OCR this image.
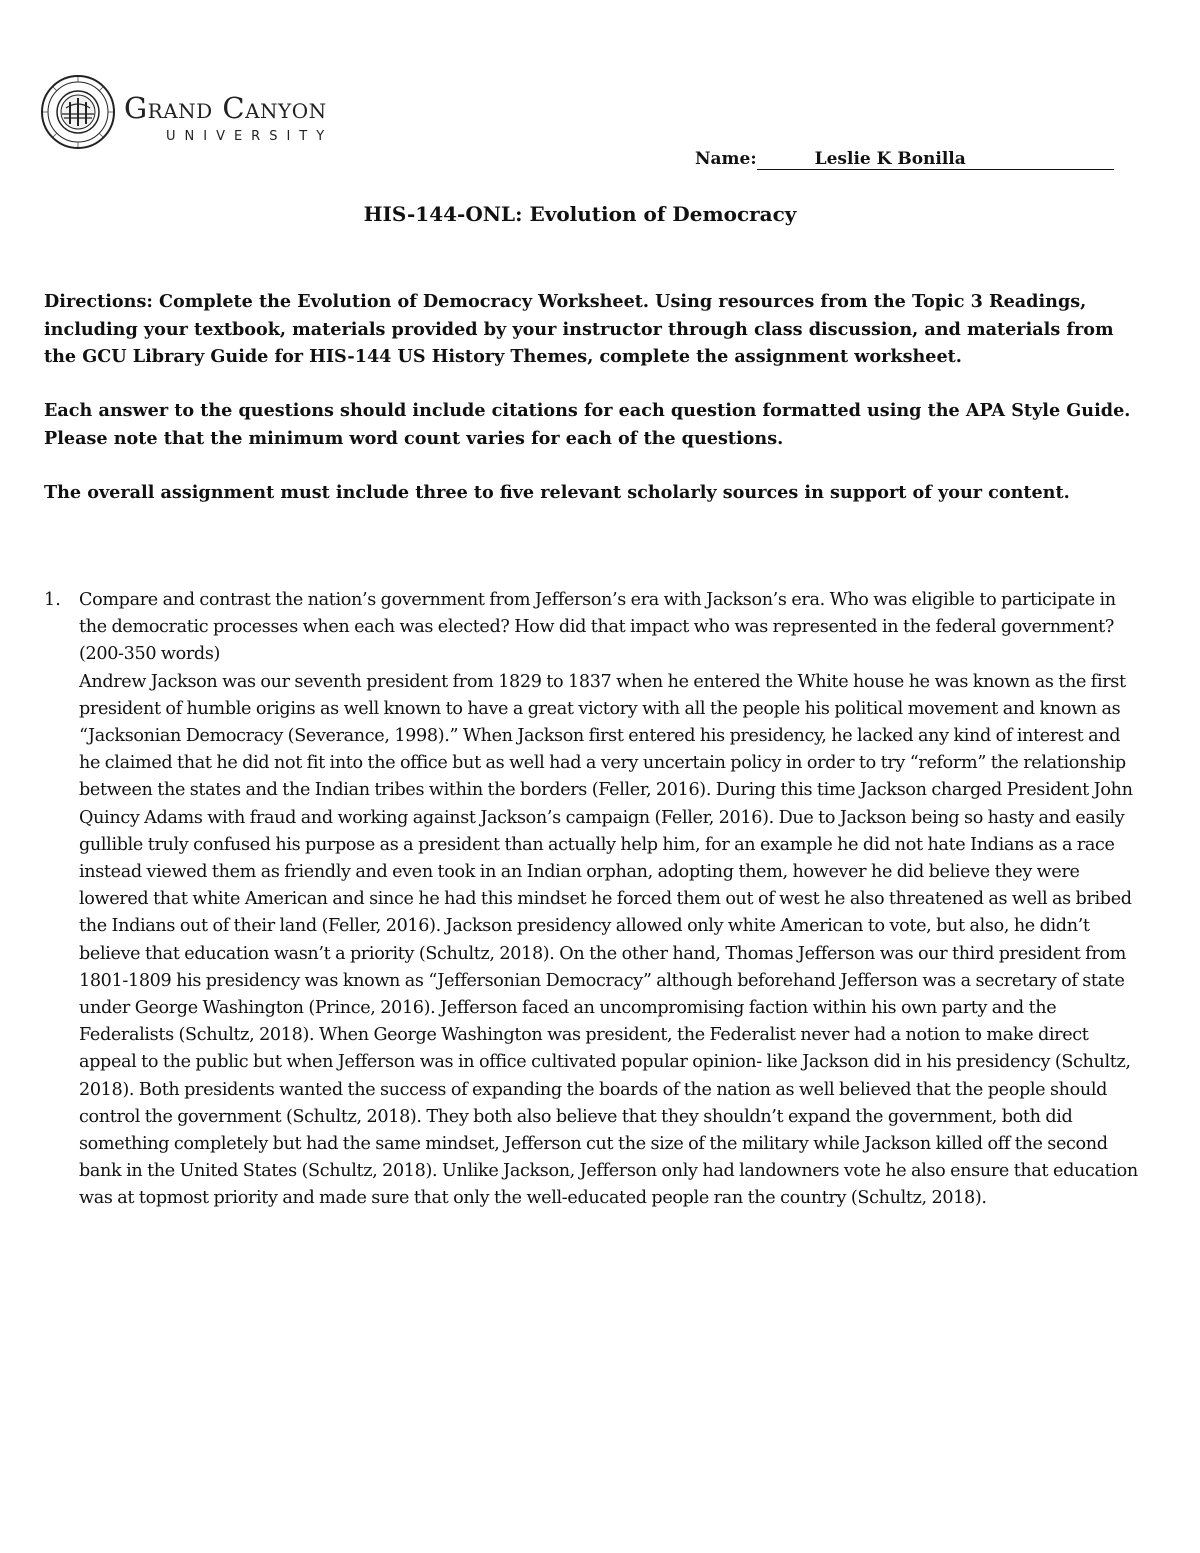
Grand Canyon
UNIVERSITY
Name:	Leslie K Bonilla
HIS-144-ONL: Evolution of Democracy
Directions: Complete the Evolution of Democracy Worksheet. Using resources from the Topic 3 Readings, including your textbook, materials provided by your instructor through class discussion, and materials from the GCU Library Guide for HIS-144 US History Themes, complete the assignment worksheet.
Each answer to the questions should include citations for each question formatted using the APA Style Guide. Please note that the minimum word count varies for each of the questions.
The overall assignment must include three to five relevant scholarly sources in support of your content.
1. Compare and contrast the nation’s government from Jefferson’s era with Jackson’s era. Who was eligible to participate in the democratic processes when each was elected? How did that impact who was represented in the federal government? (200-350 words)

Andrew Jackson was our seventh president from 1829 to 1837 when he entered the White house he was known as the first president of humble origins as well known to have a great victory with all the people his political movement and known as “Jacksonian Democracy (Severance, 1998).” When Jackson first entered his presidency, he lacked any kind of interest and he claimed that he did not fit into the office but as well had a very uncertain policy in order to try “reform” the relationship between the states and the Indian tribes within the borders (Feller, 2016). During this time Jackson charged President John Quincy Adams with fraud and working against Jackson’s campaign (Feller, 2016). Due to Jackson being so hasty and easily gullible truly confused his purpose as a president than actually help him, for an example he did not hate Indians as a race instead viewed them as friendly and even took in an Indian orphan, adopting them, however he did believe they were lowered that white American and since he had this mindset he forced them out of west he also threatened as well as bribed the Indians out of their land (Feller, 2016). Jackson presidency allowed only white American to vote, but also, he didn’t believe that education wasn’t a priority (Schultz, 2018). On the other hand, Thomas Jefferson was our third president from 1801-1809 his presidency was known as “Jeffersonian Democracy” although beforehand Jefferson was a secretary of state under George Washington (Prince, 2016). Jefferson faced an uncompromising faction within his own party and the Federalists (Schultz, 2018). When George Washington was president, the Federalist never had a notion to make direct appeal to the public but when Jefferson was in office cultivated popular opinion- like Jackson did in his presidency (Schultz, 2018). Both presidents wanted the success of expanding the boards of the nation as well believed that the people should control the government (Schultz, 2018). They both also believe that they shouldn’t expand the government, both did something completely but had the same mindset, Jefferson cut the size of the military while Jackson killed off the second bank in the United States (Schultz, 2018). Unlike Jackson, Jefferson only had landowners vote he also ensure that education was at topmost priority and made sure that only the well-educated people ran the country (Schultz, 2018).
